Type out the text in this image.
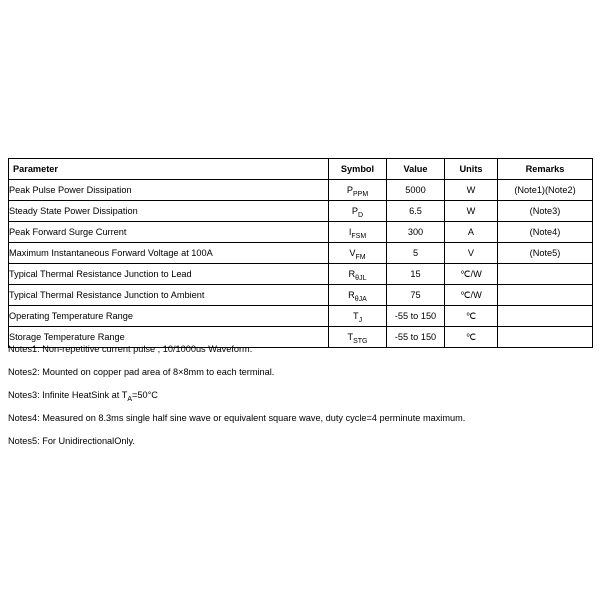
Parameter	Symbol	Value	Units	Remarks
Peak Pulse Power Dissipation	$P_{PPM}$	5000	W	(Note1)(Note2)
Steady State Power Dissipation	$P_D$	6.5	W	(Note3)
Peak Forward Surge Current	$I_{FSM}$	300	A	(Note4)
Maximum Instantaneous Forward Voltage at 100A	$V_{FM}$	5	V	(Note5)
Typical Thermal Resistance Junction to Lead	$R_{\theta JL}$	15	℃/W	
Typical Thermal Resistance Junction to Ambient	$R_{\theta JA}$	75	℃/W	
Operating Temperature Range	$T_J$	-55 to 150	℃	
Storage Temperature Range	$T_{STG}$	-55 to 150	℃	
Notes1: Non-repetitive current pulse , 10/1000us Waveform.
Notes2: Mounted on copper pad area of 8×8mm to each terminal.
Notes3: Infinite HeatSink at $T_A=50^\circ C$
Notes4: Measured on 8.3ms single half sine wave or equivalent square wave, duty cycle=4 perminute maximum.
Notes5: For UnidirectionalOnly.
